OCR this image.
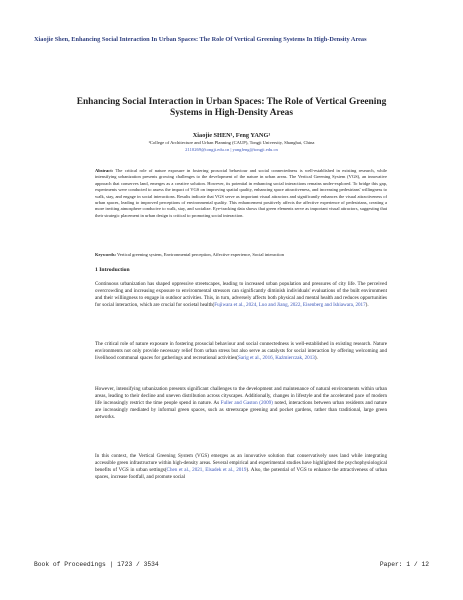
Xiaojie Shen, Enhancing Social Interaction In Urban Spaces: The Role Of Vertical Greening Systems In High-Density Areas
Enhancing Social Interaction in Urban Spaces: The Role of Vertical Greening Systems in High-Density Areas
Xiaojie SHEN¹, Feng YANG¹
¹College of Architecture and Urban Planning (CAUP), Tongji University, Shanghai, China
2110269@tongji.edu.cn | yangfeng@tongji.edu.cn
Abstract: The critical role of nature exposure in fostering prosocial behaviour and social connectedness is well-established in existing research, while intensifying urbanization presents growing challenges to the development of the nature in urban areas. The Vertical Greening System (VGS), an innovative approach that conserves land, emerges as a creative solution. However, its potential in enhancing social interactions remains under-explored. To bridge this gap, experiments were conducted to assess the impact of VGS on improving spatial quality, enhancing space attractiveness, and increasing pedestrians' willingness to walk, stay, and engage in social interactions. Results indicate that VGS serve as important visual attractors and significantly enhances the visual attractiveness of urban spaces, leading to improved perceptions of environmental quality. This enhancement positively affects the affective experience of pedestrians, creating a more inviting atmosphere conducive to walk, stay, and socialize. Eye-tracking data shows that green elements serve as important visual attractors, suggesting that their strategic placement in urban design is critical to promoting social interaction.
Keywords: Vertical greening system, Environmental perception, Affective experience, Social interaction
1 Introduction
Continuous urbanization has shaped oppressive streetscapes, leading to increased urban population and pressures of city life. The perceived overcrowding and increasing exposure to environmental stressors can significantly diminish individuals' evaluations of the built environment and their willingness to engage in outdoor activities. This, in turn, adversely affects both physical and mental health and reduces opportunities for social interaction, which are crucial for societal health(Fujiwara et al., 2024, Luo and Jiang, 2022, Eisenberg and Ishiawara, 2017).
The critical role of nature exposure in fostering prosocial behaviour and social connectedness is well-established in existing research. Nature environments not only provide necessary relief from urban stress but also serve as catalysts for social interaction by offering welcoming and livelihood communal spaces for gatherings and recreational activities(Sarig et al., 2016, Kaźmierczak, 2013).
However, intensifying urbanization presents significant challenges to the development and maintenance of natural environments within urban areas, leading to their decline and uneven distribution across cityscapes. Additionally, changes in lifestyle and the accelerated pace of modern life increasingly restrict the time people spend in nature. As Fuller and Gaston (2009) noted, interactions between urban residents and nature are increasingly mediated by informal green spaces, such as streetscape greening and pocket gardens, rather than traditional, large green networks.
In this context, the Vertical Greening System (VGS) emerges as an innovative solution that conservatively uses land while integrating accessible green infrastructure within high-density areas. Several empirical and experimental studies have highlighted the psychophysiological benefits of VGS in urban settings(Chen et al., 2021, Elsadek et al., 2019). Also, the potential of VGS to enhance the attractiveness of urban spaces, increase footfall, and promote social
Book of Proceedings | 1723 / 3534	Paper: 1 / 12
